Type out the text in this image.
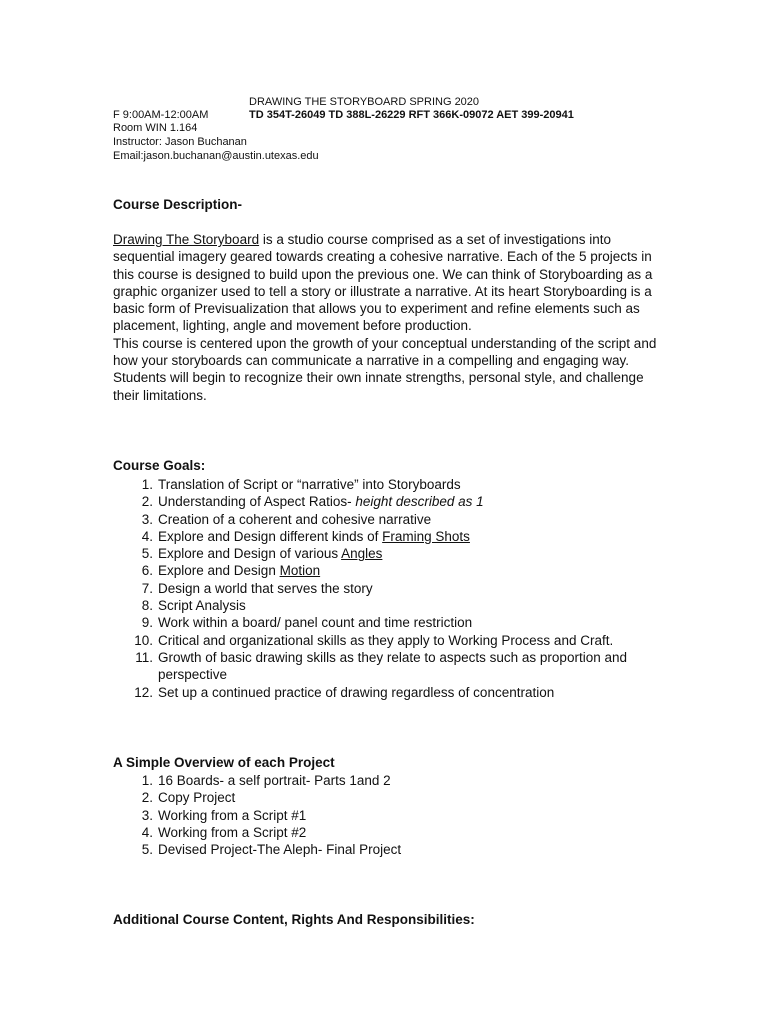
DRAWING THE STORYBOARD SPRING 2020
F 9:00AM-12:00AM	TD 354T-26049 TD 388L-26229 RFT 366K-09072 AET 399-20941
Room WIN 1.164
Instructor: Jason Buchanan
Email:jason.buchanan@austin.utexas.edu
Course Description-

Drawing The Storyboard is a studio course comprised as a set of investigations into sequential imagery geared towards creating a cohesive narrative. Each of the 5 projects in this course is designed to build upon the previous one. We can think of Storyboarding as a graphic organizer used to tell a story or illustrate a narrative. At its heart Storyboarding is a basic form of Previsualization that allows you to experiment and refine elements such as placement, lighting, angle and movement before production.

This course is centered upon the growth of your conceptual understanding of the script and how your storyboards can communicate a narrative in a compelling and engaging way. Students will begin to recognize their own innate strengths, personal style, and challenge their limitations.

Course Goals:
1 . Translation of Script or “narrative” into Storyboards
2 . Understanding of Aspect Ratios- height described as 1
3 . Creation of a coherent and cohesive narrative
4 . Explore and Design different kinds of Framing Shots
5 . Explore and Design of various Angles
6 . Explore and Design Motion
7 . Design a world that serves the story
8 . Script Analysis
9 . Work within a board/ panel count and time restriction
10 . Critical and organizational skills as they apply to Working Process and Craft.
11 . Growth of basic drawing skills as they relate to aspects such as proportion and perspective
12 . Set up a continued practice of drawing regardless of concentration
A Simple Overview of each Project
1 . 16 Boards- a self portrait- Parts 1and 2
2 . Copy Project
3 . Working from a Script #1
4 . Working from a Script #2
5 . Devised Project-The Aleph- Final Project
Additional Course Content, Rights And Responsibilities:
